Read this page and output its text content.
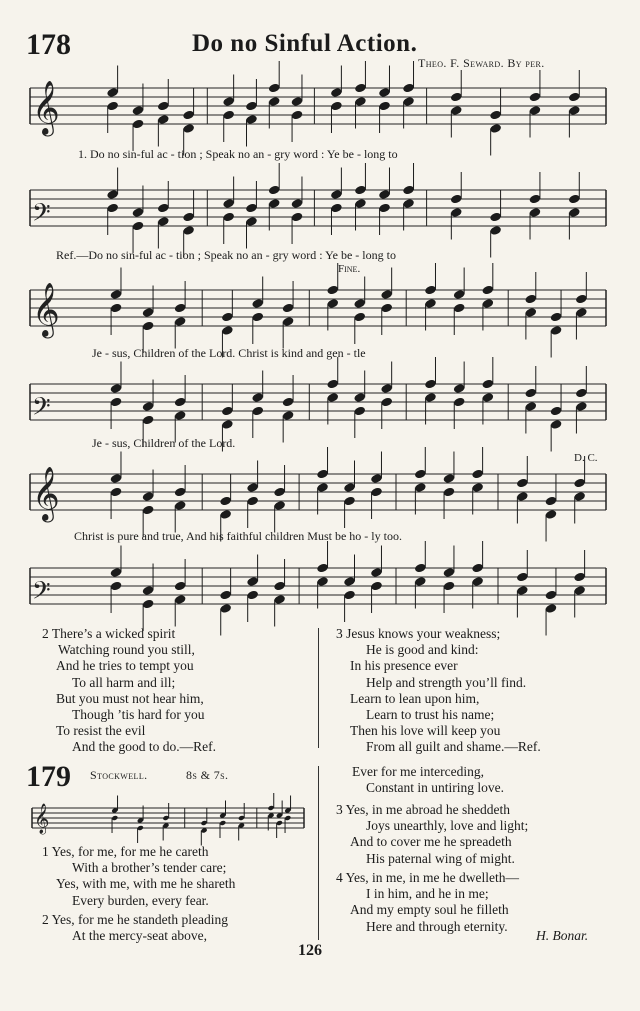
178	Do no Sinful Action.
Theo. F. Seward. By per.
𝄞
1. Do no sin-ful ac - tion ; Speak no an - gry word : Ye be - long to
𝄢
Ref.—Do no sin-ful ac - tion ; Speak no an - gry word : Ye be - long to
Fine.
𝄞
Je - sus, Children of the Lord. Christ is kind and gen - tle
𝄢
Je - sus, Children of the Lord.
D. C.
𝄞
Christ is pure and true, And his faithful children Must be ho - ly too.
𝄢
2 There’s a wicked spirit
Watching round you still,
And he tries to tempt you
To all harm and ill;
But you must not hear him,
Though ’tis hard for you
To resist the evil
And the good to do.—Ref.
3 Jesus knows your weakness;
He is good and kind:
In his presence ever
Help and strength you’ll find.
Learn to lean upon him,
Learn to trust his name;
Then his love will keep you
From all guilt and shame.—Ref.
179 Stockwell.	8s & 7s.
𝄞
1 Yes, for me, for me he careth
With a brother’s tender care;
Yes, with me, with me he shareth
Every burden, every fear.
2 Yes, for me he standeth pleading
At the mercy-seat above,
Ever for me interceding,
Constant in untiring love.
3 Yes, in me abroad he sheddeth
Joys unearthly, love and light;
And to cover me he spreadeth
His paternal wing of might.
4 Yes, in me, in me he dwelleth—
I in him, and he in me;
And my empty soul he filleth
Here and through eternity.
H. Bonar.
126
